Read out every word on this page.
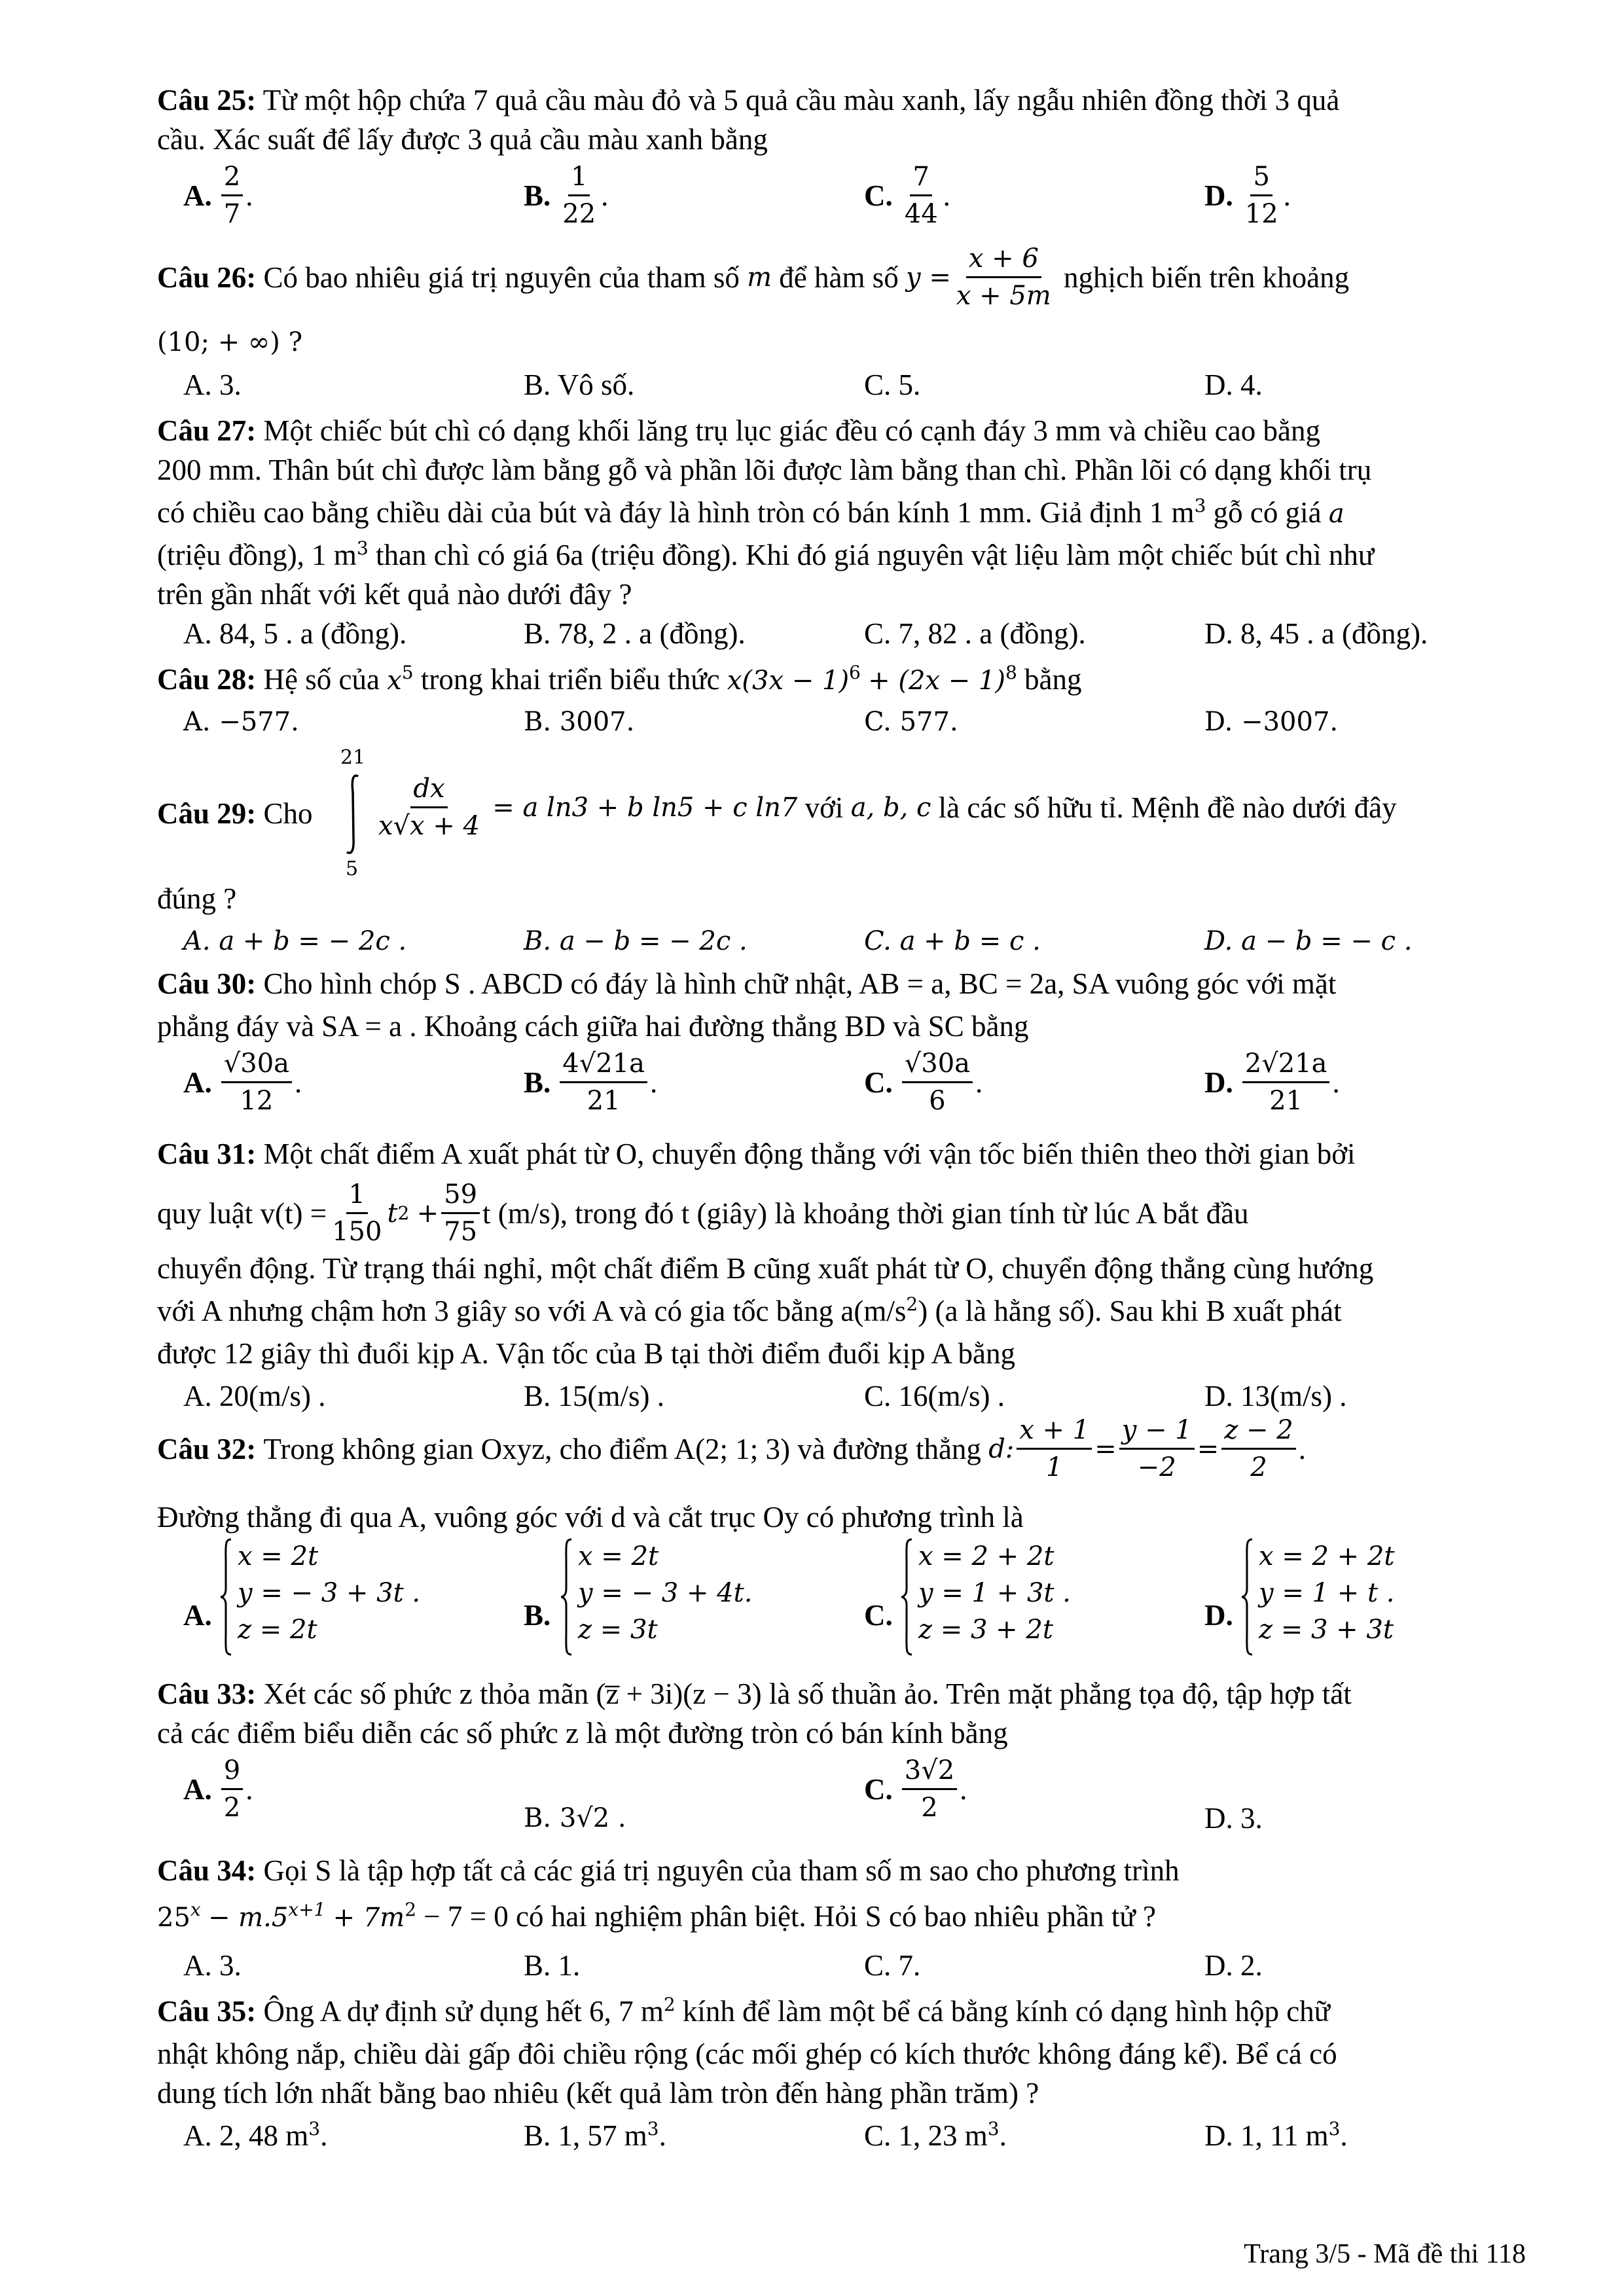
Câu 25: Từ một hộp chứa 7 quả cầu màu đỏ và 5 quả cầu màu xanh, lấy ngẫu nhiên đồng thời 3 quả
cầu. Xác suất để lấy được 3 quả cầu màu xanh bằng
A. $\frac{2}{7}$ .	B. $\frac{1}{22}$ .	C. $\frac{7}{44}$ .	D. $\frac{5}{12}$ .
Câu 26:
Có bao nhiêu giá trị nguyên của tham số
m
để hàm số
$y = \frac{x + 6}{x + 5m}$
nghịch biến trên khoảng
(10; + ∞) ?
A. 3.	B. Vô số.	C. 5.	D. 4.
Câu 27: Một chiếc bút chì có dạng khối lăng trụ lục giác đều có cạnh đáy 3 mm và chiều cao bằng
200 mm. Thân bút chì được làm bằng gỗ và phần lõi được làm bằng than chì. Phần lõi có dạng khối trụ
có chiều cao bằng chiều dài của bút và đáy là hình tròn có bán kính 1 mm. Giả định 1 $m^3$ gỗ có giá a
(triệu đồng), 1 $m^3$ than chì có giá 6a (triệu đồng). Khi đó giá nguyên vật liệu làm một chiếc bút chì như
trên gần nhất với kết quả nào dưới đây ?
A. 84, 5 . a (đồng).	B. 78, 2 . a (đồng).	C. 7, 82 . a (đồng).	D. 8, 45 . a (đồng).
Câu 28: Hệ số của $x^5$ trong khai triển biểu thức $x(3x - 1)^6 + (2x - 1)^8$ bằng
A. −577.	B. 3007.	C. 577.	D. −3007.
Câu 29: Cho
21
5
$\frac{dx}{x√x + 4}$
= a ln3 + b ln5 + c ln7
với
a, b, c
là các số hữu tỉ. Mệnh đề nào dưới đây
đúng ?
A. a + b = − 2c .	B. a − b = − 2c .	C. a + b = c .	D. a − b = − c .
Câu 30: Cho hình chóp S . ABCD có đáy là hình chữ nhật, AB = a, BC = 2a, SA vuông góc với mặt
phẳng đáy và SA = a . Khoảng cách giữa hai đường thẳng BD và SC bằng
A. $\frac{√30a}{12}$ .	B. $\frac{4√21a}{21}$ .	C. $\frac{√30a}{6}$ .	D. $\frac{2√21a}{21}$ .
Câu 31: Một chất điểm A xuất phát từ O, chuyển động thẳng với vận tốc biến thiên theo thời gian bởi
quy luật $v(t) = \frac{1}{150}$ t 2
+ $\frac{59}{75}$ t (m/s), trong đó t (giây) là khoảng thời gian tính từ lúc A bắt đầu
chuyển động. Từ trạng thái nghỉ, một chất điểm B cũng xuất phát từ O, chuyển động thẳng cùng hướng
với A nhưng chậm hơn 3 giây so với A và có gia tốc bằng $a(m/s^2)$ (a là hằng số). Sau khi B xuất phát
được 12 giây thì đuổi kịp A. Vận tốc của B tại thời điểm đuổi kịp A bằng
A. 20(m/s) .	B. 15(m/s) .	C. 16(m/s) .	D. 13(m/s) .
Câu 32:
Trong không gian Oxyz, cho điểm A(2; 1; 3) và đường thẳng
d: $\frac{x + 1}{1} = \frac{y - 1}{-2} = \frac{z - 2}{2}$ .
Đường thẳng đi qua A, vuông góc với d và cắt trục Oy có phương trình là
A.
x = 2t
y = − 3 + 3t .
z = 2t	B.
x = 2t
y = − 3 + 4t.
z = 3t	C.
x = 2 + 2t
y = 1 + 3t .
z = 3 + 2t	D.
x = 2 + 2t
y = 1 + t .
z = 3 + 3t
Câu 33: Xét các số phức z thỏa mãn (z̅ + 3i)(z − 3) là số thuần ảo. Trên mặt phẳng tọa độ, tập hợp tất
cả các điểm biểu diễn các số phức z là một đường tròn có bán kính bằng
A. $\frac{9}{2}$ .
B. 3√2 .
C. $\frac{3√2}{2}$ .
D. 3.
Câu 34: Gọi S là tập hợp tất cả các giá trị nguyên của tham số m sao cho phương trình
$25^x - m.5^{x+1} + 7m^2 - 7 = 0$ có hai nghiệm phân biệt. Hỏi S có bao nhiêu phần tử ?
A. 3.	B. 1.	C. 7.	D. 2.
Câu 35: Ông A dự định sử dụng hết 6, 7 $m^2$ kính để làm một bể cá bằng kính có dạng hình hộp chữ
nhật không nắp, chiều dài gấp đôi chiều rộng (các mối ghép có kích thước không đáng kể). Bể cá có
dung tích lớn nhất bằng bao nhiêu (kết quả làm tròn đến hàng phần trăm) ?
A. 2, 48 $m^3$.	B. 1, 57 $m^3$.	C. 1, 23 $m^3$.	D. 1, 11 $m^3$.
Trang 3/5 - Mã đề thi 118
